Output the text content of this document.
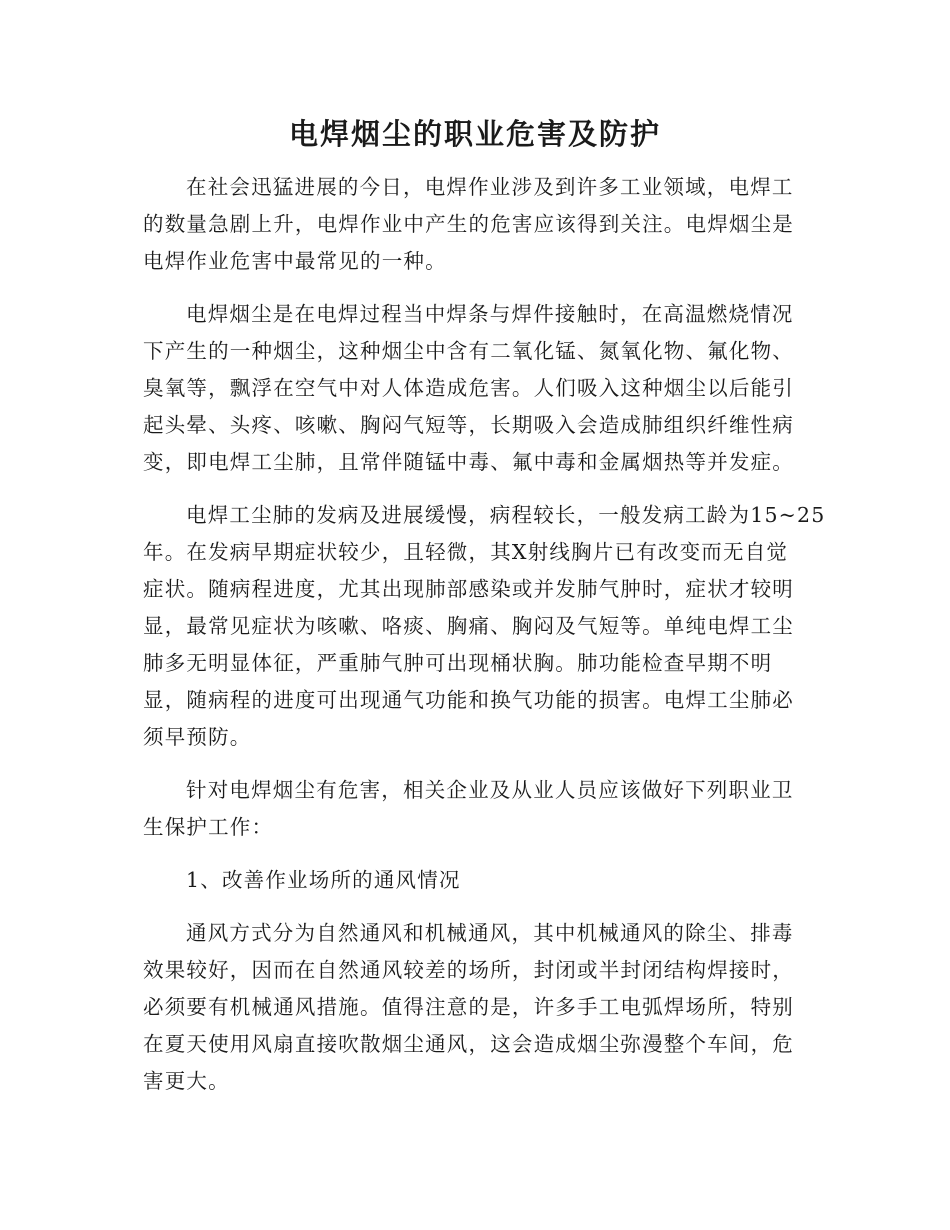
电焊烟尘的职业危害及防护
在社会迅猛进展的今日，电焊作业涉及到许多工业领域，电焊工
的数量急剧上升，电焊作业中产生的危害应该得到关注。电焊烟尘是
电焊作业危害中最常见的一种。
电焊烟尘是在电焊过程当中焊条与焊件接触时，在高温燃烧情况
下产生的一种烟尘，这种烟尘中含有二氧化锰、氮氧化物、氟化物、
臭氧等，飘浮在空气中对人体造成危害。人们吸入这种烟尘以后能引
起头晕、头疼、咳嗽、胸闷气短等，长期吸入会造成肺组织纤维性病
变，即电焊工尘肺，且常伴随锰中毒、氟中毒和金属烟热等并发症。
电焊工尘肺的发病及进展缓慢，病程较长，一般发病工龄为15~25
年。在发病早期症状较少，且轻微，其X射线胸片已有改变而无自觉
症状。随病程进度，尤其出现肺部感染或并发肺气肿时，症状才较明
显，最常见症状为咳嗽、咯痰、胸痛、胸闷及气短等。单纯电焊工尘
肺多无明显体征，严重肺气肿可出现桶状胸。肺功能检查早期不明
显，随病程的进度可出现通气功能和换气功能的损害。电焊工尘肺必
须早预防。
针对电焊烟尘有危害，相关企业及从业人员应该做好下列职业卫
生保护工作：
1、改善作业场所的通风情况
通风方式分为自然通风和机械通风，其中机械通风的除尘、排毒
效果较好，因而在自然通风较差的场所，封闭或半封闭结构焊接时，
必须要有机械通风措施。值得注意的是，许多手工电弧焊场所，特别
在夏天使用风扇直接吹散烟尘通风，这会造成烟尘弥漫整个车间，危
害更大。
